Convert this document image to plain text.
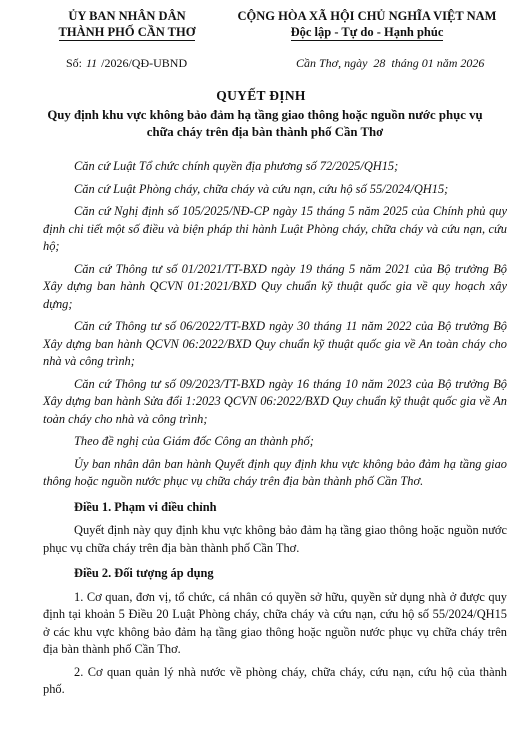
ỦY BAN NHÂN DÂN
THÀNH PHỐ CẦN THƠ
CỘNG HÒA XÃ HỘI CHỦ NGHĨA VIỆT NAM
Độc lập - Tự do - Hạnh phúc
Số: 11 /2026/QĐ-UBND	Cần Thơ, ngày 28 tháng 01 năm 2026
QUYẾT ĐỊNH
Quy định khu vực không bảo đảm hạ tầng giao thông hoặc nguồn nước phục vụ chữa cháy trên địa bàn thành phố Cần Thơ

Căn cứ Luật Tổ chức chính quyền địa phương số 72/2025/QH15;

Căn cứ Luật Phòng cháy, chữa cháy và cứu nạn, cứu hộ số 55/2024/QH15;

Căn cứ Nghị định số 105/2025/NĐ-CP ngày 15 tháng 5 năm 2025 của Chính phủ quy định chi tiết một số điều và biện pháp thi hành Luật Phòng cháy, chữa cháy và cứu nạn, cứu hộ;

Căn cứ Thông tư số 01/2021/TT-BXD ngày 19 tháng 5 năm 2021 của Bộ trưởng Bộ Xây dựng ban hành QCVN 01:2021/BXD Quy chuẩn kỹ thuật quốc gia về quy hoạch xây dựng;

Căn cứ Thông tư số 06/2022/TT-BXD ngày 30 tháng 11 năm 2022 của Bộ trưởng Bộ Xây dựng ban hành QCVN 06:2022/BXD Quy chuẩn kỹ thuật quốc gia về An toàn cháy cho nhà và công trình;

Căn cứ Thông tư số 09/2023/TT-BXD ngày 16 tháng 10 năm 2023 của Bộ trưởng Bộ Xây dựng ban hành Sửa đổi 1:2023 QCVN 06:2022/BXD Quy chuẩn kỹ thuật quốc gia về An toàn cháy cho nhà và công trình;

Theo đề nghị của Giám đốc Công an thành phố;

Ủy ban nhân dân ban hành Quyết định quy định khu vực không bảo đảm hạ tầng giao thông hoặc nguồn nước phục vụ chữa cháy trên địa bàn thành phố Cần Thơ.

Điều 1. Phạm vi điều chỉnh

Quyết định này quy định khu vực không bảo đảm hạ tầng giao thông hoặc nguồn nước phục vụ chữa cháy trên địa bàn thành phố Cần Thơ.

Điều 2. Đối tượng áp dụng

1. Cơ quan, đơn vị, tổ chức, cá nhân có quyền sở hữu, quyền sử dụng nhà ở được quy định tại khoản 5 Điều 20 Luật Phòng cháy, chữa cháy và cứu nạn, cứu hộ số 55/2024/QH15 ở các khu vực không bảo đảm hạ tầng giao thông hoặc nguồn nước phục vụ chữa cháy trên địa bàn thành phố Cần Thơ.

2. Cơ quan quản lý nhà nước về phòng cháy, chữa cháy, cứu nạn, cứu hộ của thành phố.
